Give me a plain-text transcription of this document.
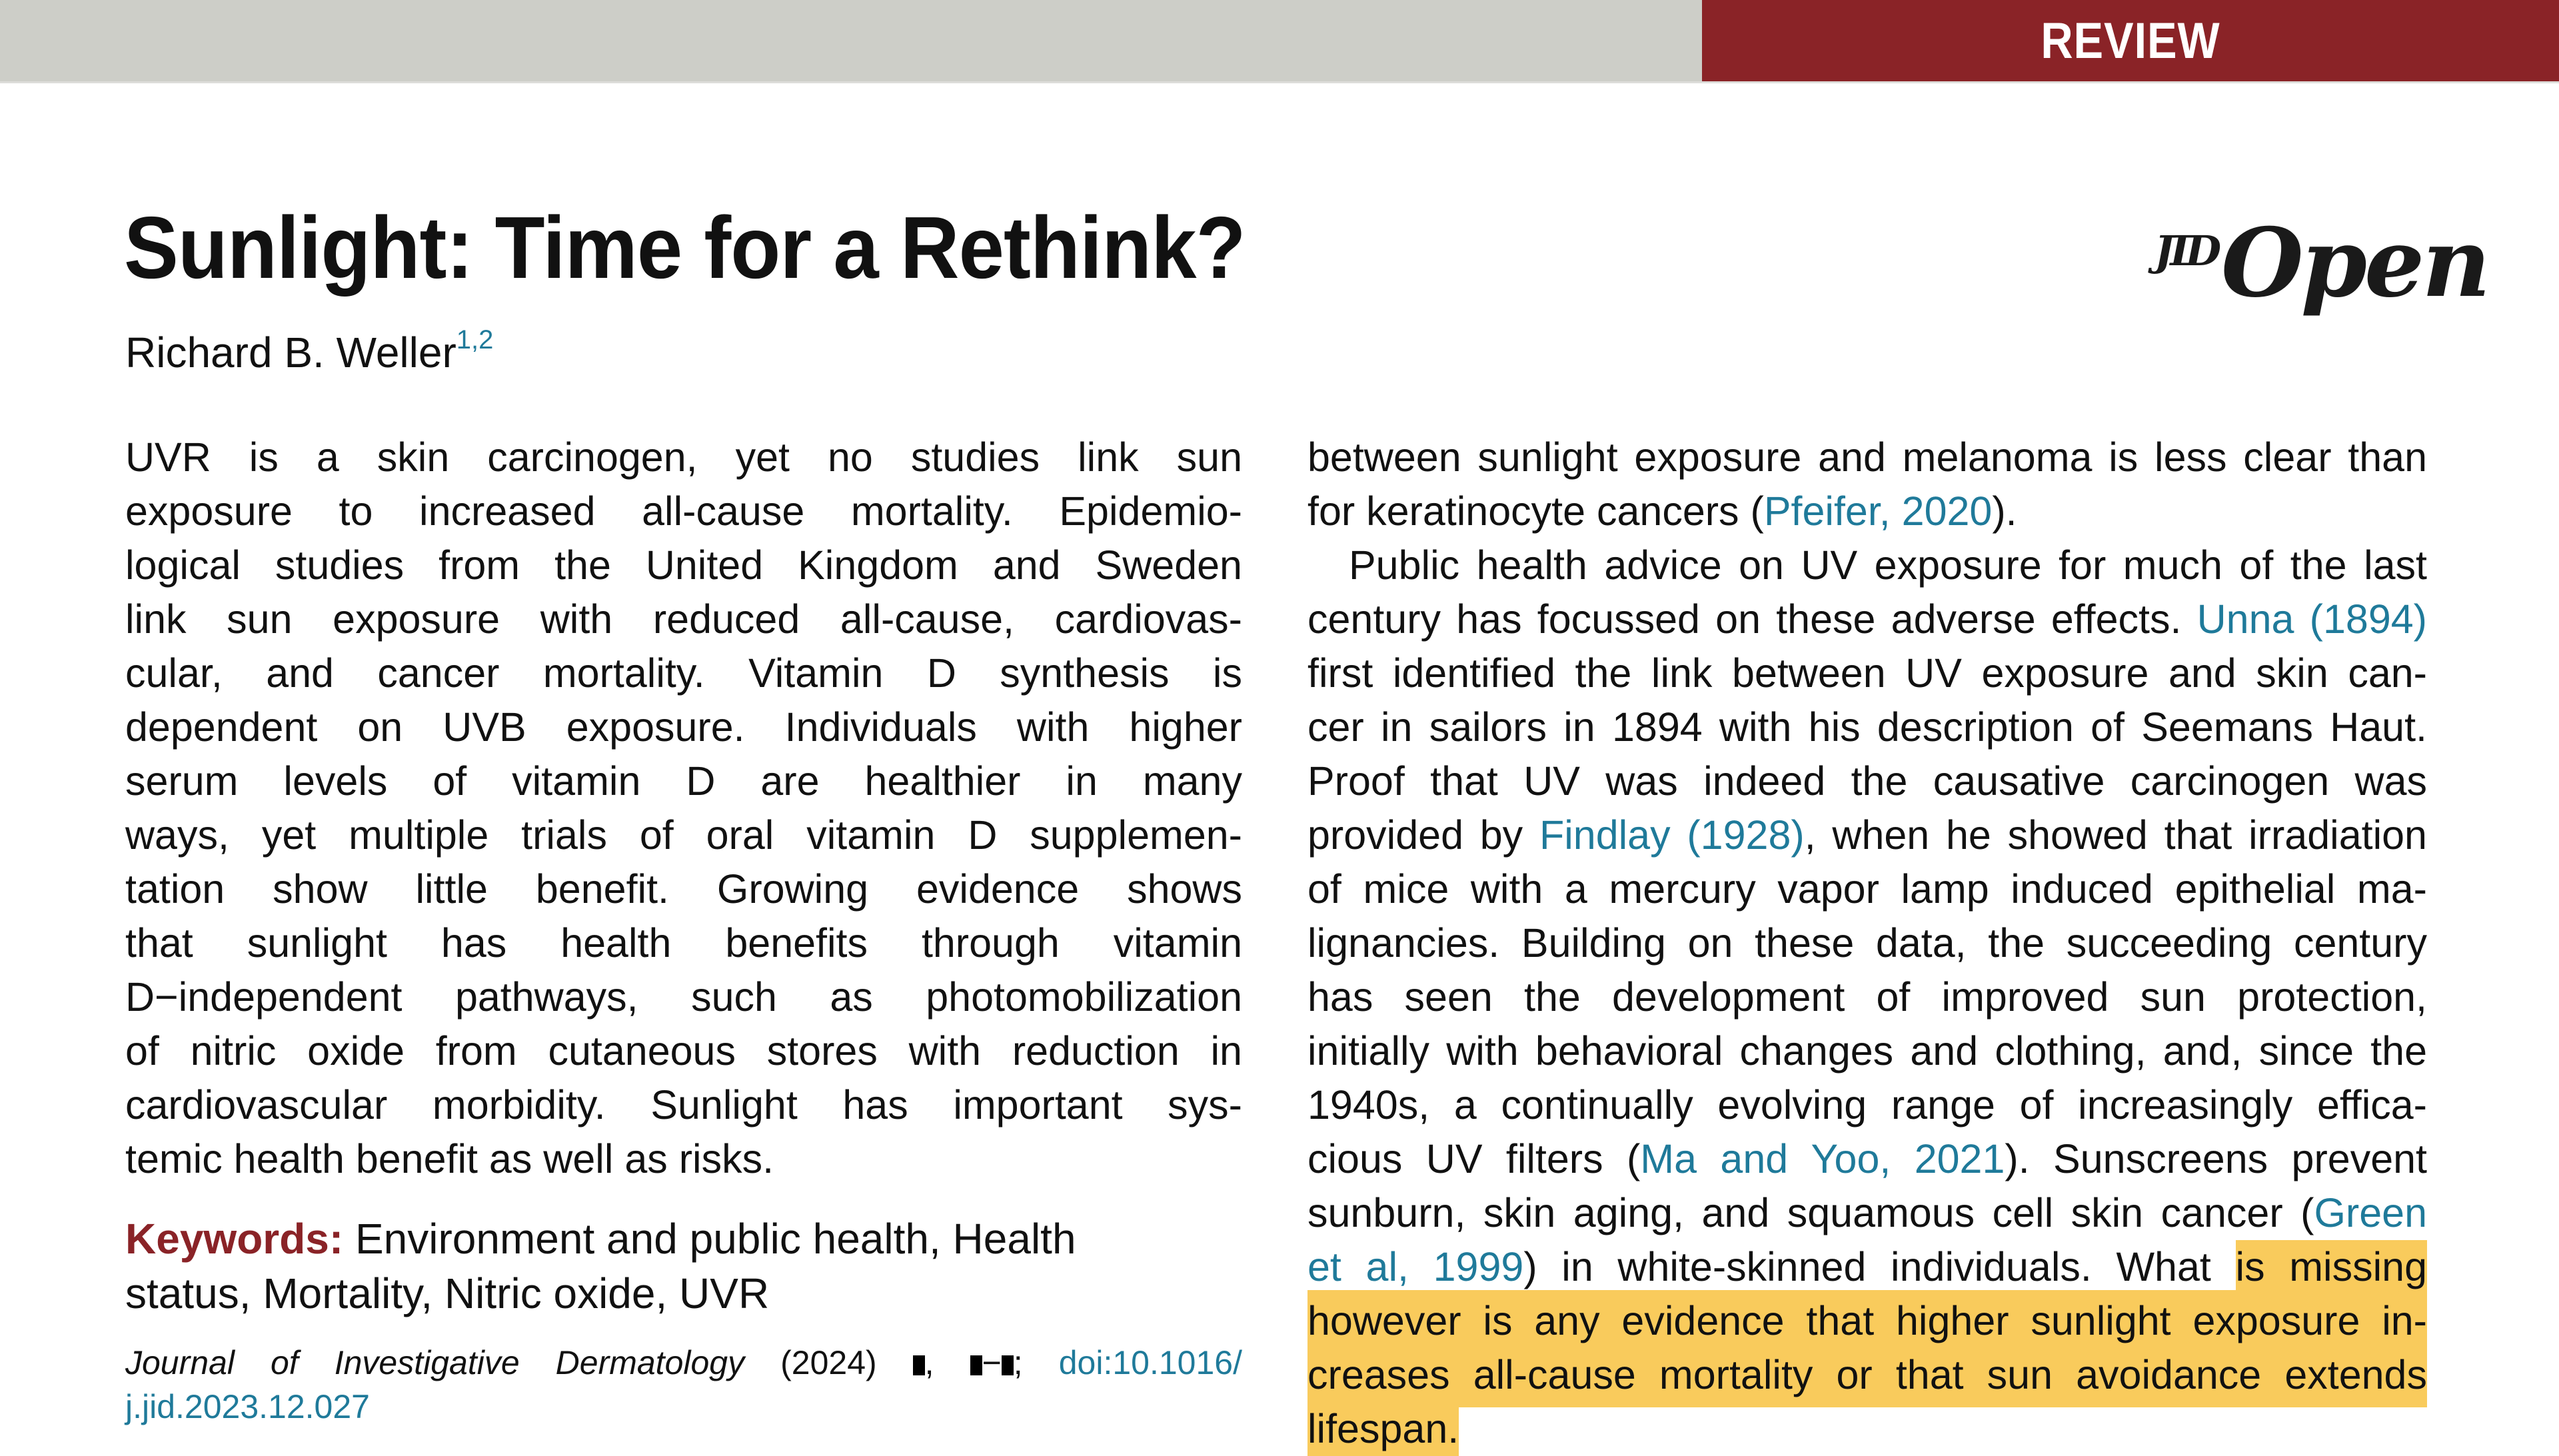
REVIEW
Sunlight: Time for a Rethink?	JID Open
Richard B. Weller$^{1,2}$
UVR is a skin carcinogen, yet no studies link sun
exposure to increased all-cause mortality. Epidemio-
logical studies from the United Kingdom and Sweden
link sun exposure with reduced all-cause, cardiovas-
cular, and cancer mortality. Vitamin D synthesis is
dependent on UVB exposure. Individuals with higher
serum levels of vitamin D are healthier in many
ways, yet multiple trials of oral vitamin D supplemen-
tation show little benefit. Growing evidence shows
that sunlight has health benefits through vitamin
D−independent pathways, such as photomobilization
of nitric oxide from cutaneous stores with reduction in
cardiovascular morbidity. Sunlight has important sys-
temic health benefit as well as risks.
Keywords: Environment and public health, Health
status, Mortality, Nitric oxide, UVR
Journal of Investigative Dermatology (2024) , − ; doi:10.1016/
j.jid.2023.12.027
between sunlight exposure and melanoma is less clear than
for keratinocyte cancers (Pfeifer, 2020).
Public health advice on UV exposure for much of the last
century has focussed on these adverse effects. Unna (1894)
first identified the link between UV exposure and skin can-
cer in sailors in 1894 with his description of Seemans Haut.
Proof that UV was indeed the causative carcinogen was
provided by Findlay (1928), when he showed that irradiation
of mice with a mercury vapor lamp induced epithelial ma-
lignancies. Building on these data, the succeeding century
has seen the development of improved sun protection,
initially with behavioral changes and clothing, and, since the
1940s, a continually evolving range of increasingly effica-
cious UV filters (Ma and Yoo, 2021). Sunscreens prevent
sunburn, skin aging, and squamous cell skin cancer (Green
et al, 1999) in white-skinned individuals. What is missing
however is any evidence that higher sunlight exposure in-
creases all-cause mortality or that sun avoidance extends
lifespan.
